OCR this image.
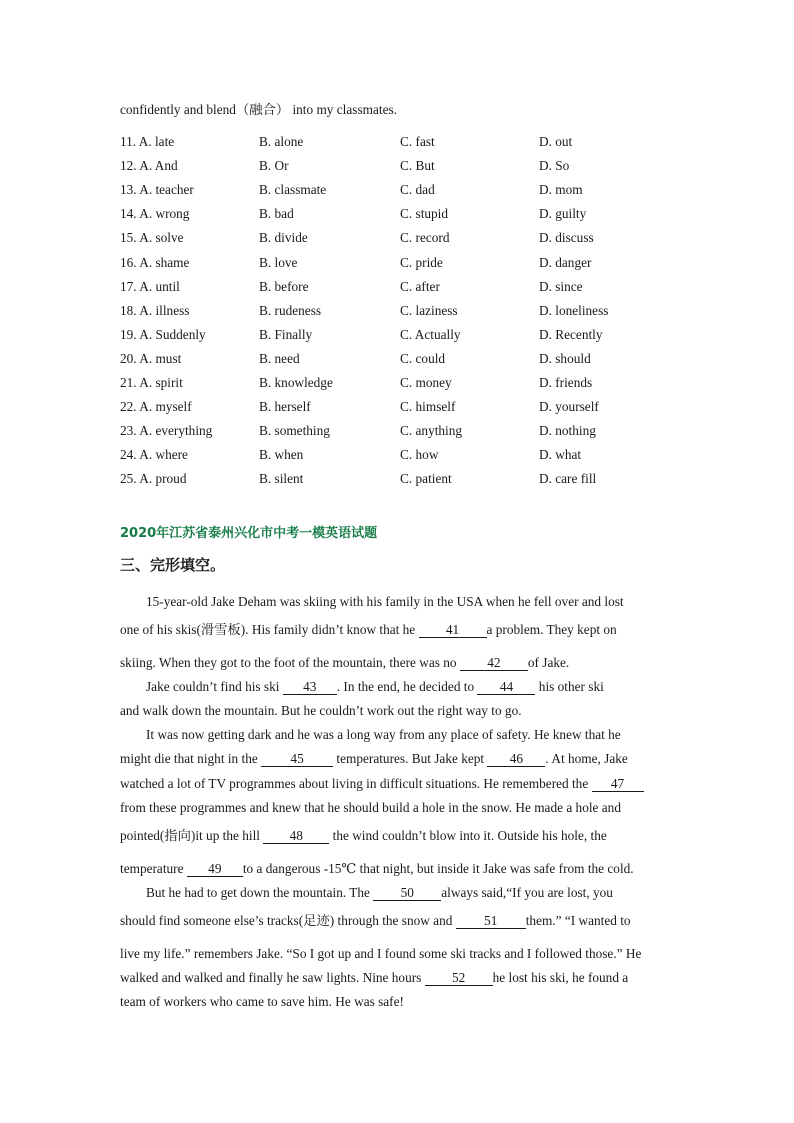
confidently and blend（融合） into my classmates.
11. A. late	B. alone	C. fast	D. out
12. A. And	B. Or	C. But	D. So
13. A. teacher	B. classmate	C. dad	D. mom
14. A. wrong	B. bad	C. stupid	D. guilty
15. A. solve	B. divide	C. record	D. discuss
16. A. shame	B. love	C. pride	D. danger
17. A. until	B. before	C. after	D. since
18. A. illness	B. rudeness	C. laziness	D. loneliness
19. A. Suddenly	B. Finally	C. Actually	D. Recently
20. A. must	B. need	C. could	D. should
21. A. spirit	B. knowledge	C. money	D. friends
22. A. myself	B. herself	C. himself	D. yourself
23. A. everything	B. something	C. anything	D. nothing
24. A. where	B. when	C. how	D. what
25. A. proud	B. silent	C. patient	D. care fill
2020年江苏省泰州兴化市中考一模英语试题
三、完形填空。
15-year-old Jake Deham was skiing with his family in the USA when he fell over and lost
one of his skis(滑雪板). His family didn’t know that he 41 a problem. They kept on
skiing. When they got to the foot of the mountain, there was no 42 of Jake.
Jake couldn’t find his ski 43 . In the end, he decided to 44 his other ski
and walk down the mountain. But he couldn’t work out the right way to go.
It was now getting dark and he was a long way from any place of safety. He knew that he
might die that night in the 45 temperatures. But Jake kept 46 . At home, Jake
watched a lot of TV programmes about living in difficult situations. He remembered the 47
from these programmes and knew that he should build a hole in the snow. He made a hole and
pointed(指向)it up the hill 48 the wind couldn’t blow into it. Outside his hole, the
temperature 49 to a dangerous -15℃ that night, but inside it Jake was safe from the cold.
But he had to get down the mountain. The 50 always said,“If you are lost, you
should find someone else’s tracks(足迹) through the snow and 51 them.” “I wanted to
live my life.” remembers Jake. “So I got up and I found some ski tracks and I followed those.” He
walked and walked and finally he saw lights. Nine hours 52 he lost his ski, he found a
team of workers who came to save him. He was safe!
